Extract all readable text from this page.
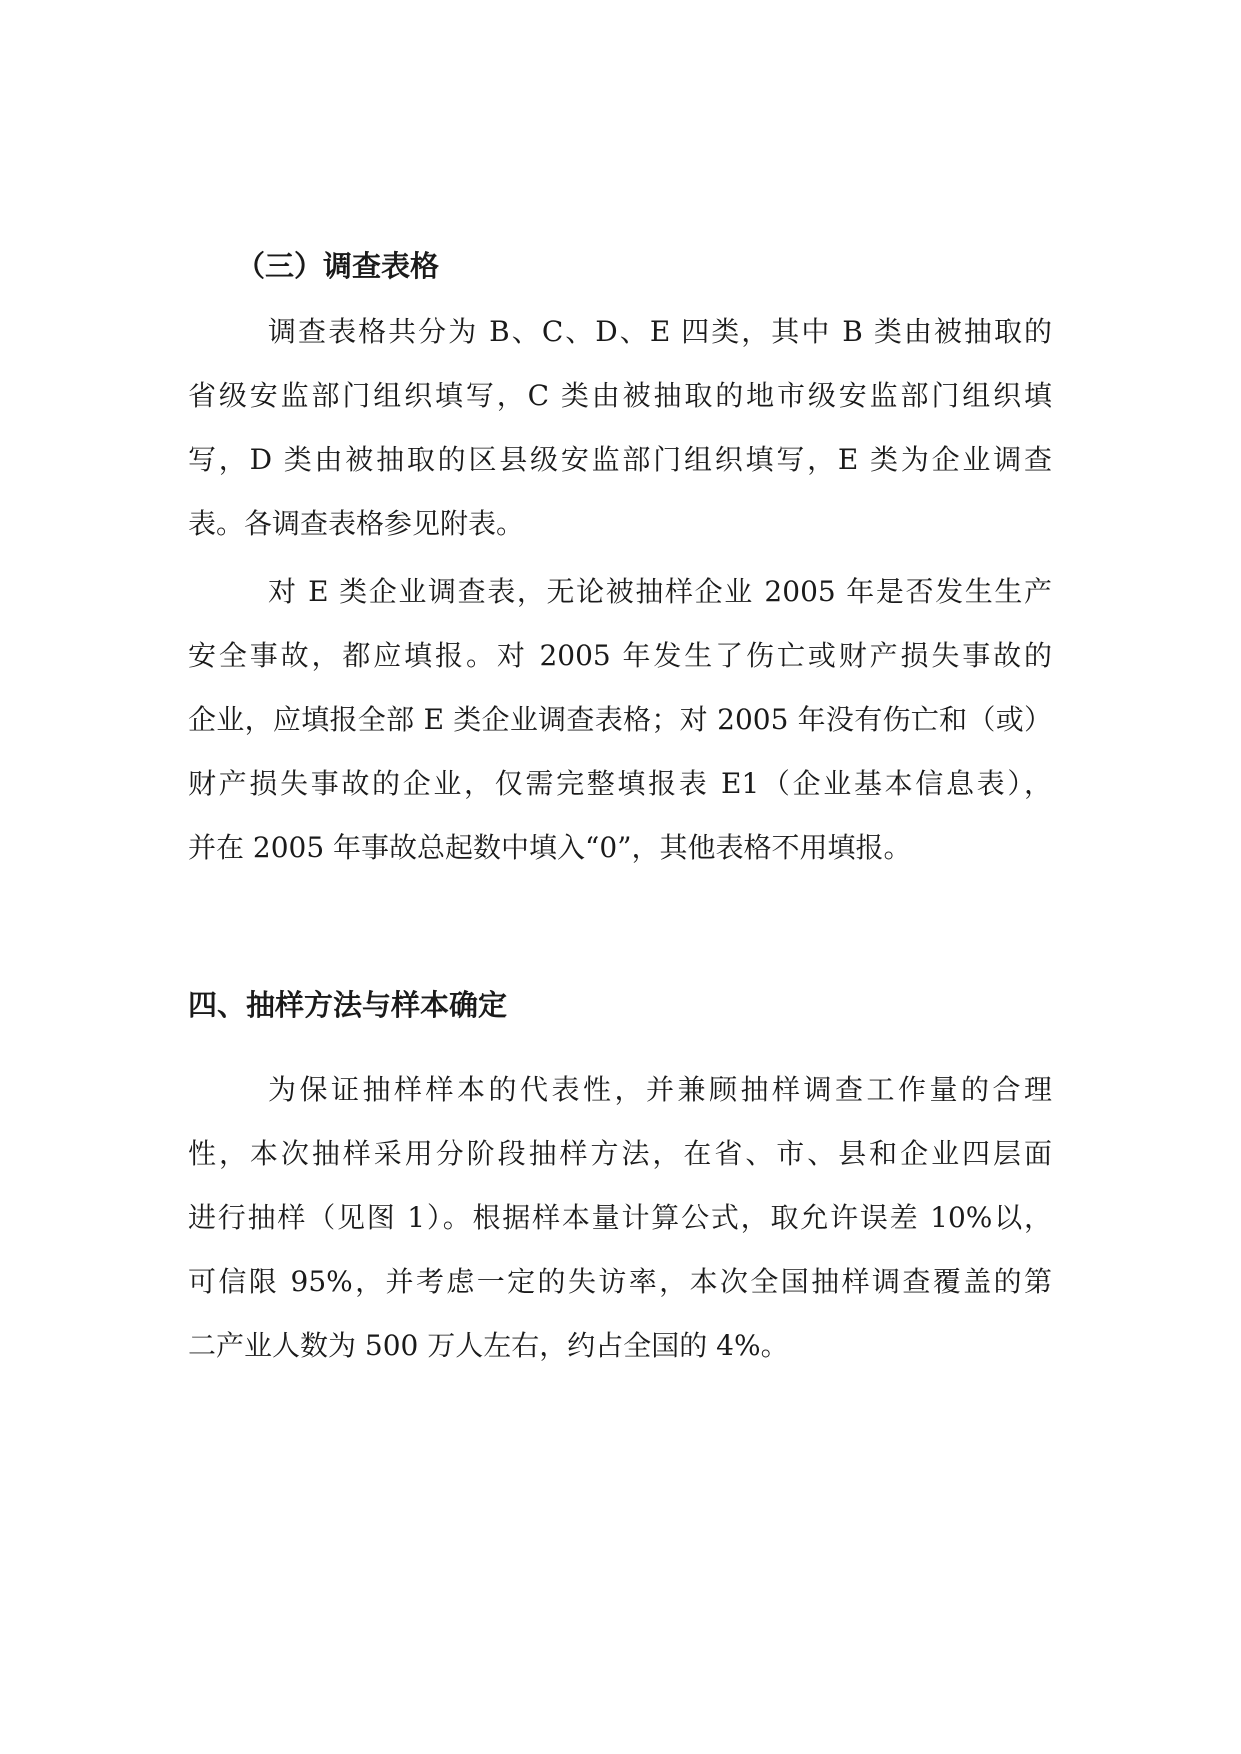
（三）调查表格
调查表格共分为 B、C、D、E 四类，其中 B 类由被抽取的
省级安监部门组织填写，C 类由被抽取的地市级安监部门组织填
写，D 类由被抽取的区县级安监部门组织填写，E 类为企业调查
表。各调查表格参见附表。
对 E 类企业调查表，无论被抽样企业 2005 年是否发生生产
安全事故，都应填报。对 2005 年发生了伤亡或财产损失事故的
企业，应填报全部 E 类企业调查表格；对 2005 年没有伤亡和（或）
财产损失事故的企业，仅需完整填报表 E1（企业基本信息表），
并在 2005 年事故总起数中填入“0”，其他表格不用填报。
四、抽样方法与样本确定
为保证抽样样本的代表性，并兼顾抽样调查工作量的合理
性，本次抽样采用分阶段抽样方法，在省、市、县和企业四层面
进行抽样（见图 1）。根据样本量计算公式，取允许误差 10%以，
可信限 95%，并考虑一定的失访率，本次全国抽样调查覆盖的第
二产业人数为 500 万人左右，约占全国的 4%。
